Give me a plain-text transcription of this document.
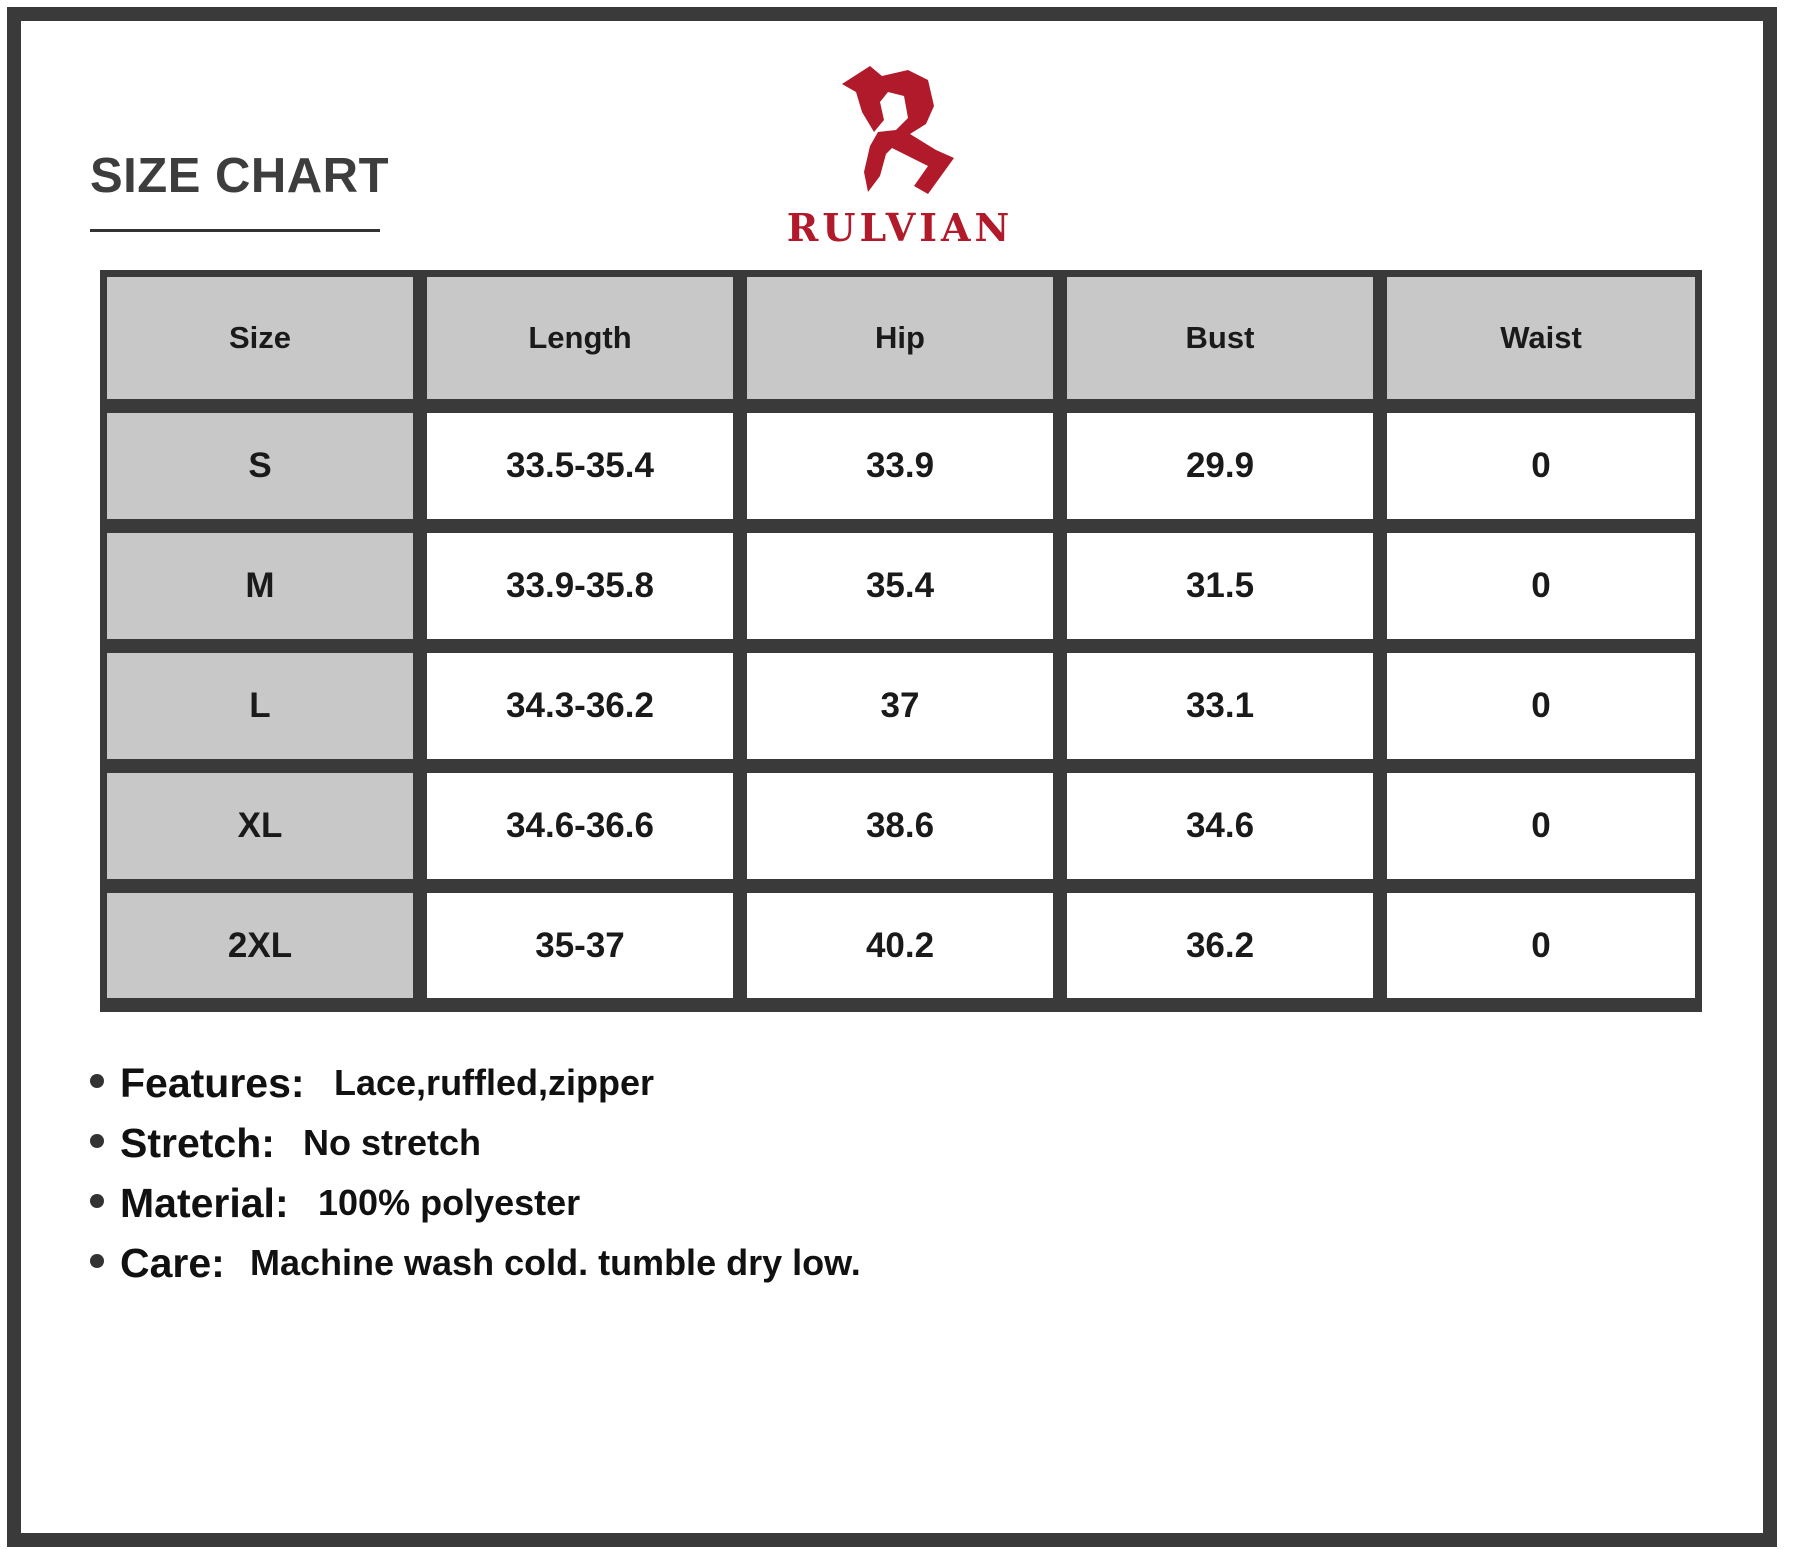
SIZE CHART
RULVIAN
Size	Length	Hip	Bust	Waist
S	33.5-35.4	33.9	29.9	0
M	33.9-35.8	35.4	31.5	0
L	34.3-36.2	37	33.1	0
XL	34.6-36.6	38.6	34.6	0
2XL	35-37	40.2	36.2	0
Features: Lace,ruffled,zipper
Stretch: No stretch
Material: 100% polyester
Care: Machine wash cold. tumble dry low.
